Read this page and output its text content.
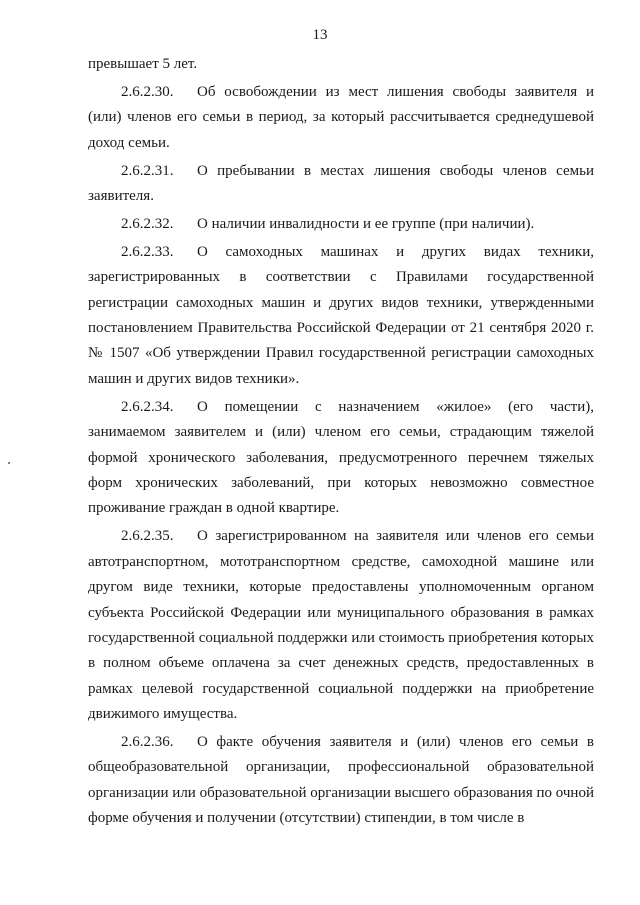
13

превышает 5 лет.

2.6.2.30. Об освобождении из мест лишения свободы заявителя и (или) членов его семьи в период, за который рассчитывается среднедушевой доход семьи.

2.6.2.31. О пребывании в местах лишения свободы членов семьи заявителя.

2.6.2.32. О наличии инвалидности и ее группе (при наличии).

2.6.2.33. О самоходных машинах и других видах техники, зарегистрированных в соответствии с Правилами государственной регистрации самоходных машин и других видов техники, утвержденными постановлением Правительства Российской Федерации от 21 сентября 2020 г. № 1507 «Об утверждении Правил государственной регистрации самоходных машин и других видов техники».

2.6.2.34. О помещении с назначением «жилое» (его части), занимаемом заявителем и (или) членом его семьи, страдающим тяжелой формой хронического заболевания, предусмотренного перечнем тяжелых форм хронических заболеваний, при которых невозможно совместное проживание граждан в одной квартире.

2.6.2.35. О зарегистрированном на заявителя или членов его семьи автотранспортном, мототранспортном средстве, самоходной машине или другом виде техники, которые предоставлены уполномоченным органом субъекта Российской Федерации или муниципального образования в рамках государственной социальной поддержки или стоимость приобретения которых в полном объеме оплачена за счет денежных средств, предоставленных в рамках целевой государственной социальной поддержки на приобретение движимого имущества.

2.6.2.36. О факте обучения заявителя и (или) членов его семьи в общеобразовательной организации, профессиональной образовательной организации или образовательной организации высшего образования по очной форме обучения и получении (отсутствии) стипендии, в том числе в
